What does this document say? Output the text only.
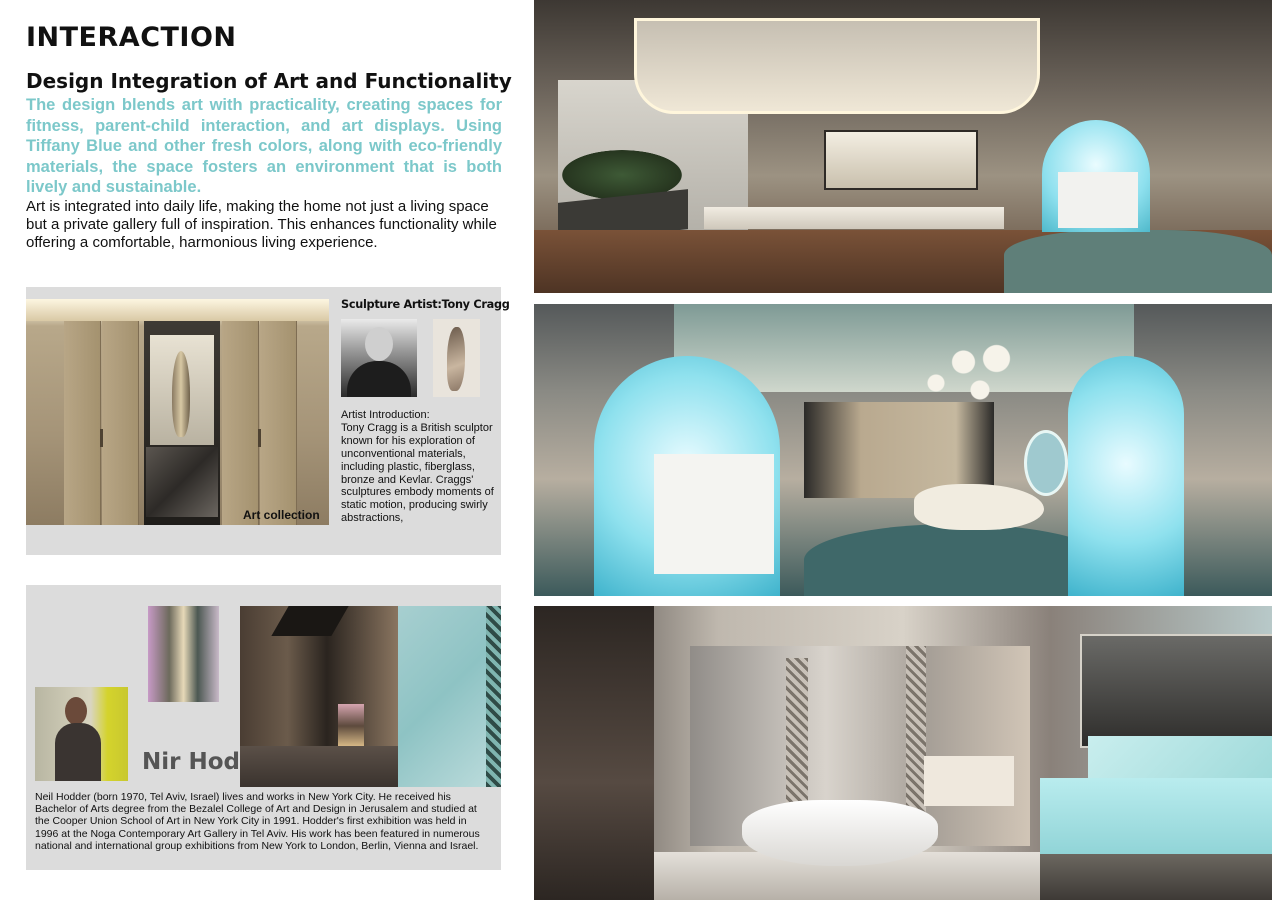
INTERACTION
Design Integration of Art and Functionality
The design blends art with practicality, creating spaces for fitness, parent-child interaction, and art displays. Using Tiffany Blue and other fresh colors, along with eco-friendly materials, the space fosters an environment that is both lively and sustainable.
Art is integrated into daily life, making the home not just a living space but a private gallery full of inspiration. This enhances functionality while offering a comfortable, harmonious living experience.
Art collection
Sculpture Artist:Tony Cragg
Artist Introduction:
Tony Cragg is a British sculptor known for his exploration of unconventional materials, including plastic, fiberglass, bronze and Kevlar. Craggs' sculptures embody moments of static motion, producing swirly abstractions,
Nir Hod
Neil Hodder (born 1970, Tel Aviv, Israel) lives and works in New York City. He received his Bachelor of Arts degree from the Bezalel College of Art and Design in Jerusalem and studied at the Cooper Union School of Art in New York City in 1991. Hodder's first exhibition was held in 1996 at the Noga Contemporary Art Gallery in Tel Aviv. His work has been featured in numerous national and international group exhibitions from New York to London, Berlin, Vienna and Israel.
